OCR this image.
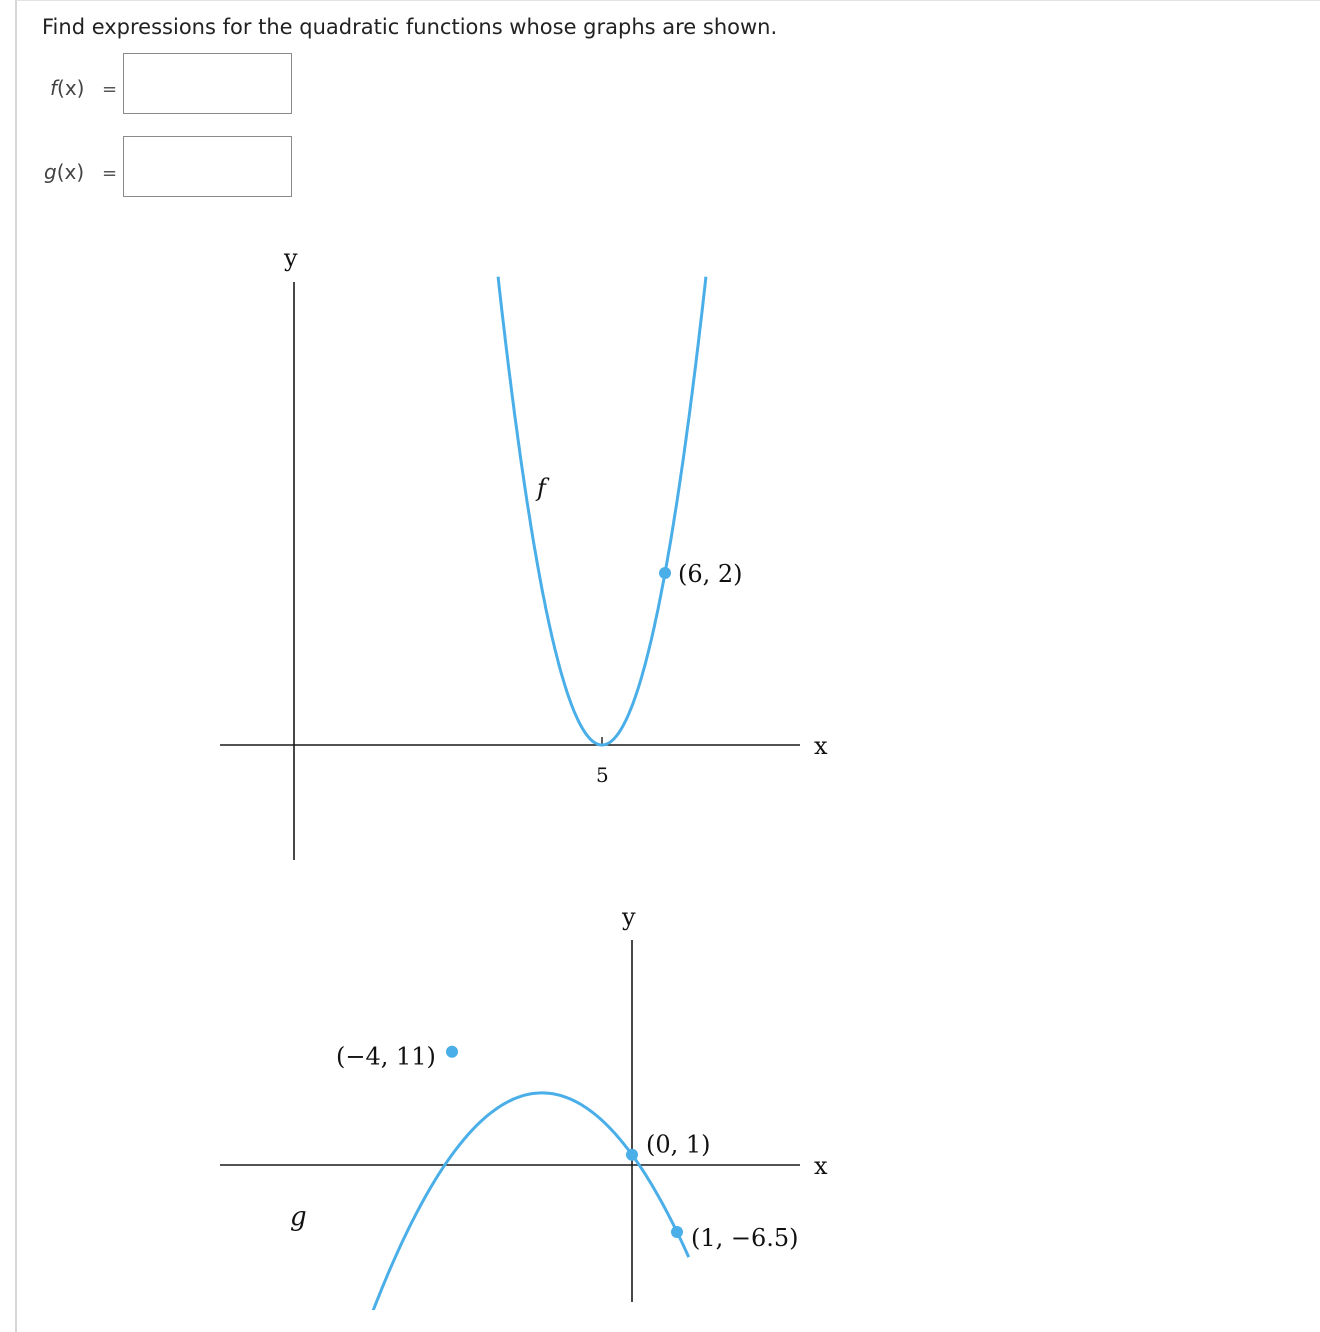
Find expressions for the quadratic functions whose graphs are shown.
f(x) =
g(x) =
y
x
5
f
(6, 2)
y
x
g
(−4, 11)
(0, 1)
(1, −6.5)
